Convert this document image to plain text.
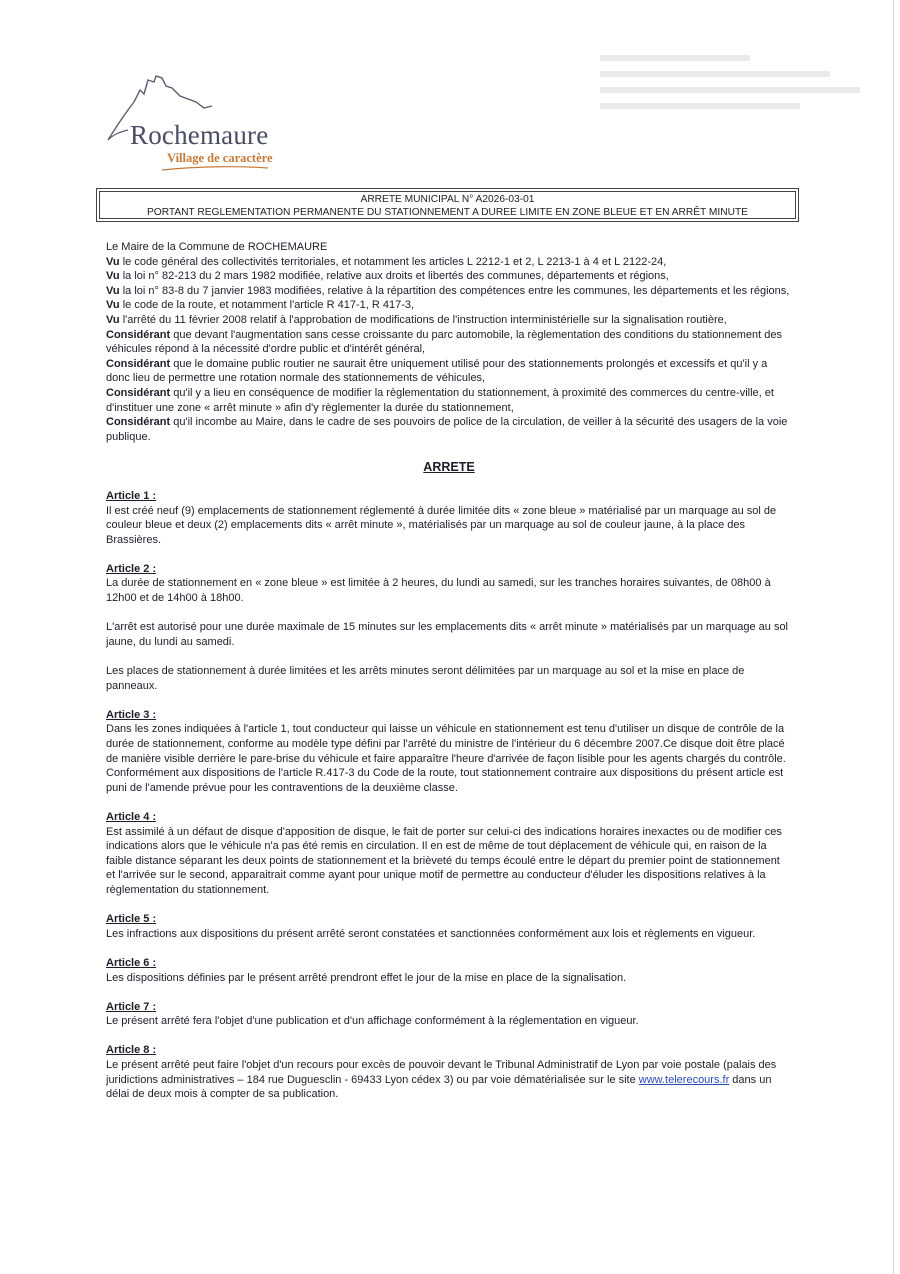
Rochemaure
Village de caractère
ARRETE MUNICIPAL N° A2026-03-01
PORTANT REGLEMENTATION PERMANENTE DU STATIONNEMENT A DUREE LIMITE EN ZONE BLEUE ET EN ARRÊT MINUTE

Le Maire de la Commune de ROCHEMAURE

Vu le code général des collectivités territoriales, et notamment les articles L 2212-1 et 2, L 2213-1 à 4 et L 2122-24,

Vu la loi n° 82-213 du 2 mars 1982 modifiée, relative aux droits et libertés des communes, départements et régions,

Vu la loi n° 83-8 du 7 janvier 1983 modifiées, relative à la répartition des compétences entre les communes, les départements et les régions,

Vu le code de la route, et notamment l'article R 417-1, R 417-3,

Vu l'arrêté du 11 février 2008 relatif à l'approbation de modifications de l'instruction interministérielle sur la signalisation routière,

Considérant que devant l'augmentation sans cesse croissante du parc automobile, la règlementation des conditions du stationnement des véhicules répond à la nécessité d'ordre public et d'intérêt général,

Considérant que le domaine public routier ne saurait être uniquement utilisé pour des stationnements prolongés et excessifs et qu'il y a donc lieu de permettre une rotation normale des stationnements de véhicules,

Considérant qu'il y a lieu en conséquence de modifier la règlementation du stationnement, à proximité des commerces du centre-ville, et d'instituer une zone « arrêt minute » afin d'y règlementer la durée du stationnement,

Considérant qu'il incombe au Maire, dans le cadre de ses pouvoirs de police de la circulation, de veiller à la sécurité des usagers de la voie publique.

ARRETE

Article 1 :

Il est créé neuf (9) emplacements de stationnement réglementé à durée limitée dits « zone bleue » matérialisé par un marquage au sol de couleur bleue et deux (2) emplacements dits « arrêt minute », matérialisés par un marquage au sol de couleur jaune, à la place des Brassières.

Article 2 :

La durée de stationnement en « zone bleue » est limitée à 2 heures, du lundi au samedi, sur les tranches horaires suivantes, de 08h00 à 12h00 et de 14h00 à 18h00.

L'arrêt est autorisé pour une durée maximale de 15 minutes sur les emplacements dits « arrêt minute » matérialisés par un marquage au sol jaune, du lundi au samedi.

Les places de stationnement à durée limitées et les arrêts minutes seront délimitées par un marquage au sol et la mise en place de panneaux.

Article 3 :

Dans les zones indiquées à l'article 1, tout conducteur qui laisse un véhicule en stationnement est tenu d'utiliser un disque de contrôle de la durée de stationnement, conforme au modèle type défini par l'arrêté du ministre de l'intérieur du 6 décembre 2007.Ce disque doit être placé de manière visible derrière le pare-brise du véhicule et faire apparaître l'heure d'arrivée de façon lisible pour les agents chargés du contrôle.

Conformément aux dispositions de l'article R.417-3 du Code de la route, tout stationnement contraire aux dispositions du présent article est puni de l'amende prévue pour les contraventions de la deuxième classe.

Article 4 :

Est assimilé à un défaut de disque d'apposition de disque, le fait de porter sur celui-ci des indications horaires inexactes ou de modifier ces indications alors que le véhicule n'a pas été remis en circulation. Il en est de même de tout déplacement de véhicule qui, en raison de la faible distance séparant les deux points de stationnement et la brièveté du temps écoulé entre le départ du premier point de stationnement et l'arrivée sur le second, apparaitrait comme ayant pour unique motif de permettre au conducteur d'éluder les dispositions relatives à la règlementation du stationnement.

Article 5 :

Les infractions aux dispositions du présent arrêté seront constatées et sanctionnées conformément aux lois et règlements en vigueur.

Article 6 :

Les dispositions définies par le présent arrêté prendront effet le jour de la mise en place de la signalisation.

Article 7 :

Le présent arrêté fera l'objet d'une publication et d'un affichage conformément à la réglementation en vigueur.

Article 8 :

Le présent arrêté peut faire l'objet d'un recours pour excès de pouvoir devant le Tribunal Administratif de Lyon par voie postale (palais des juridictions administratives – 184 rue Duguesclin - 69433 Lyon cédex 3) ou par voie dématérialisée sur le site www.telerecours.fr dans un délai de deux mois à compter de sa publication.
